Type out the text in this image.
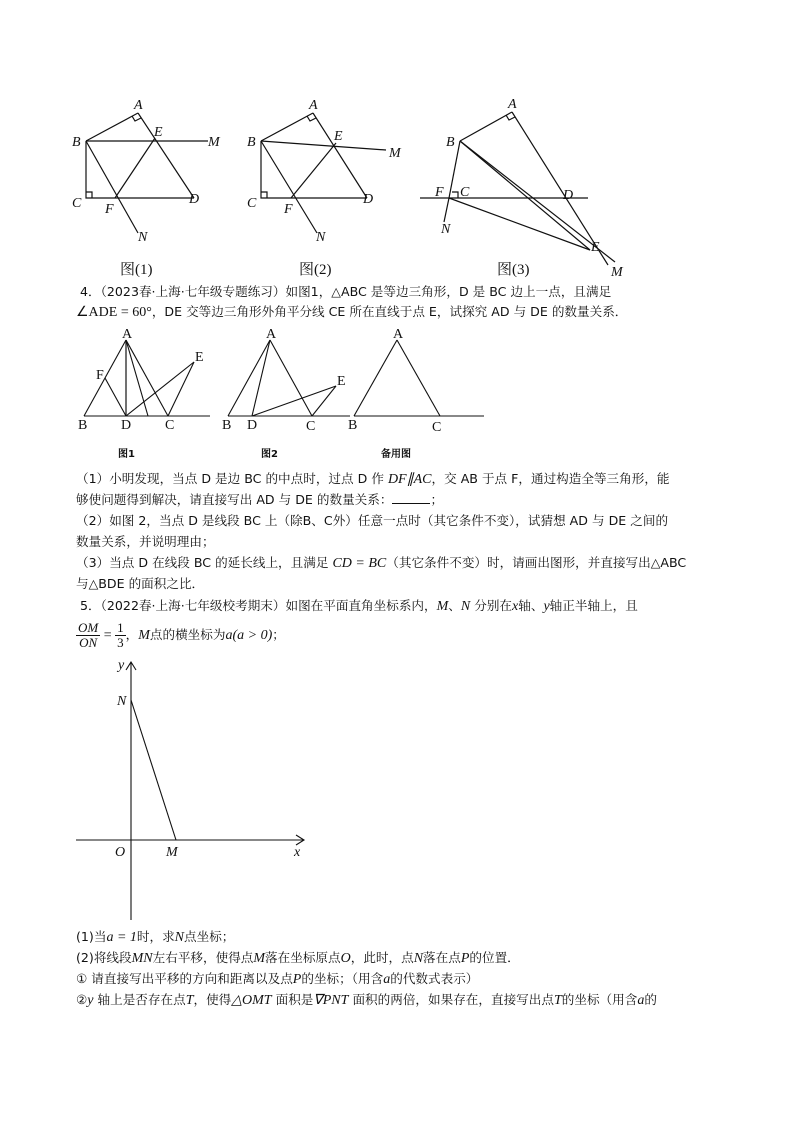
A
B
E
M
C F
D
N
A
B	E
M
C F
D
N
A
B
F C	D
N
E
M
图(1)	图(2)	图(3)
4．（2023春·上海·七年级专题练习）如图1，△ABC 是等边三角形，D 是 BC 边上一点，且满足
∠ADE = 60°，DE 交等边三角形外角平分线 CE 所在直线于点 E，试探究 AD 与 DE 的数量关系．
A
F
E
B D C
A
E
B D	C
A
B	C
图1	图2	备用图
（1）小明发现，当点 D 是边 BC 的中点时，过点 D 作 DF∥AC，交 AB 于点 F，通过构造全等三角形，能
够使问题得到解决，请直接写出 AD 与 DE 的数量关系：	；
（2）如图 2，当点 D 是线段 BC 上（除B、C外）任意一点时（其它条件不变），试猜想 AD 与 DE 之间的
数量关系，并说明理由；
（3）当点 D 在线段 BC 的延长线上，且满足 CD = BC（其它条件不变）时，请画出图形，并直接写出△ABC
与△BDE 的面积之比．
5．（2022春·上海·七年级校考期末）如图在平面直角坐标系内，M、N 分别在x轴、y轴正半轴上，且
$\frac{OM}{ON} = \frac{1}{3}$ ，M点的横坐标为a(a > 0)；
y
N
O	M	x
(1)当a = 1时，求N点坐标；
(2)将线段MN左右平移，使得点M落在坐标原点O，此时，点N落在点P的位置．
① 请直接写出平移的方向和距离以及点P的坐标；（用含a的代数式表示）
②y 轴上是否存在点T，使得△OMT 面积是∇PNT 面积的两倍，如果存在，直接写出点T的坐标（用含a的
